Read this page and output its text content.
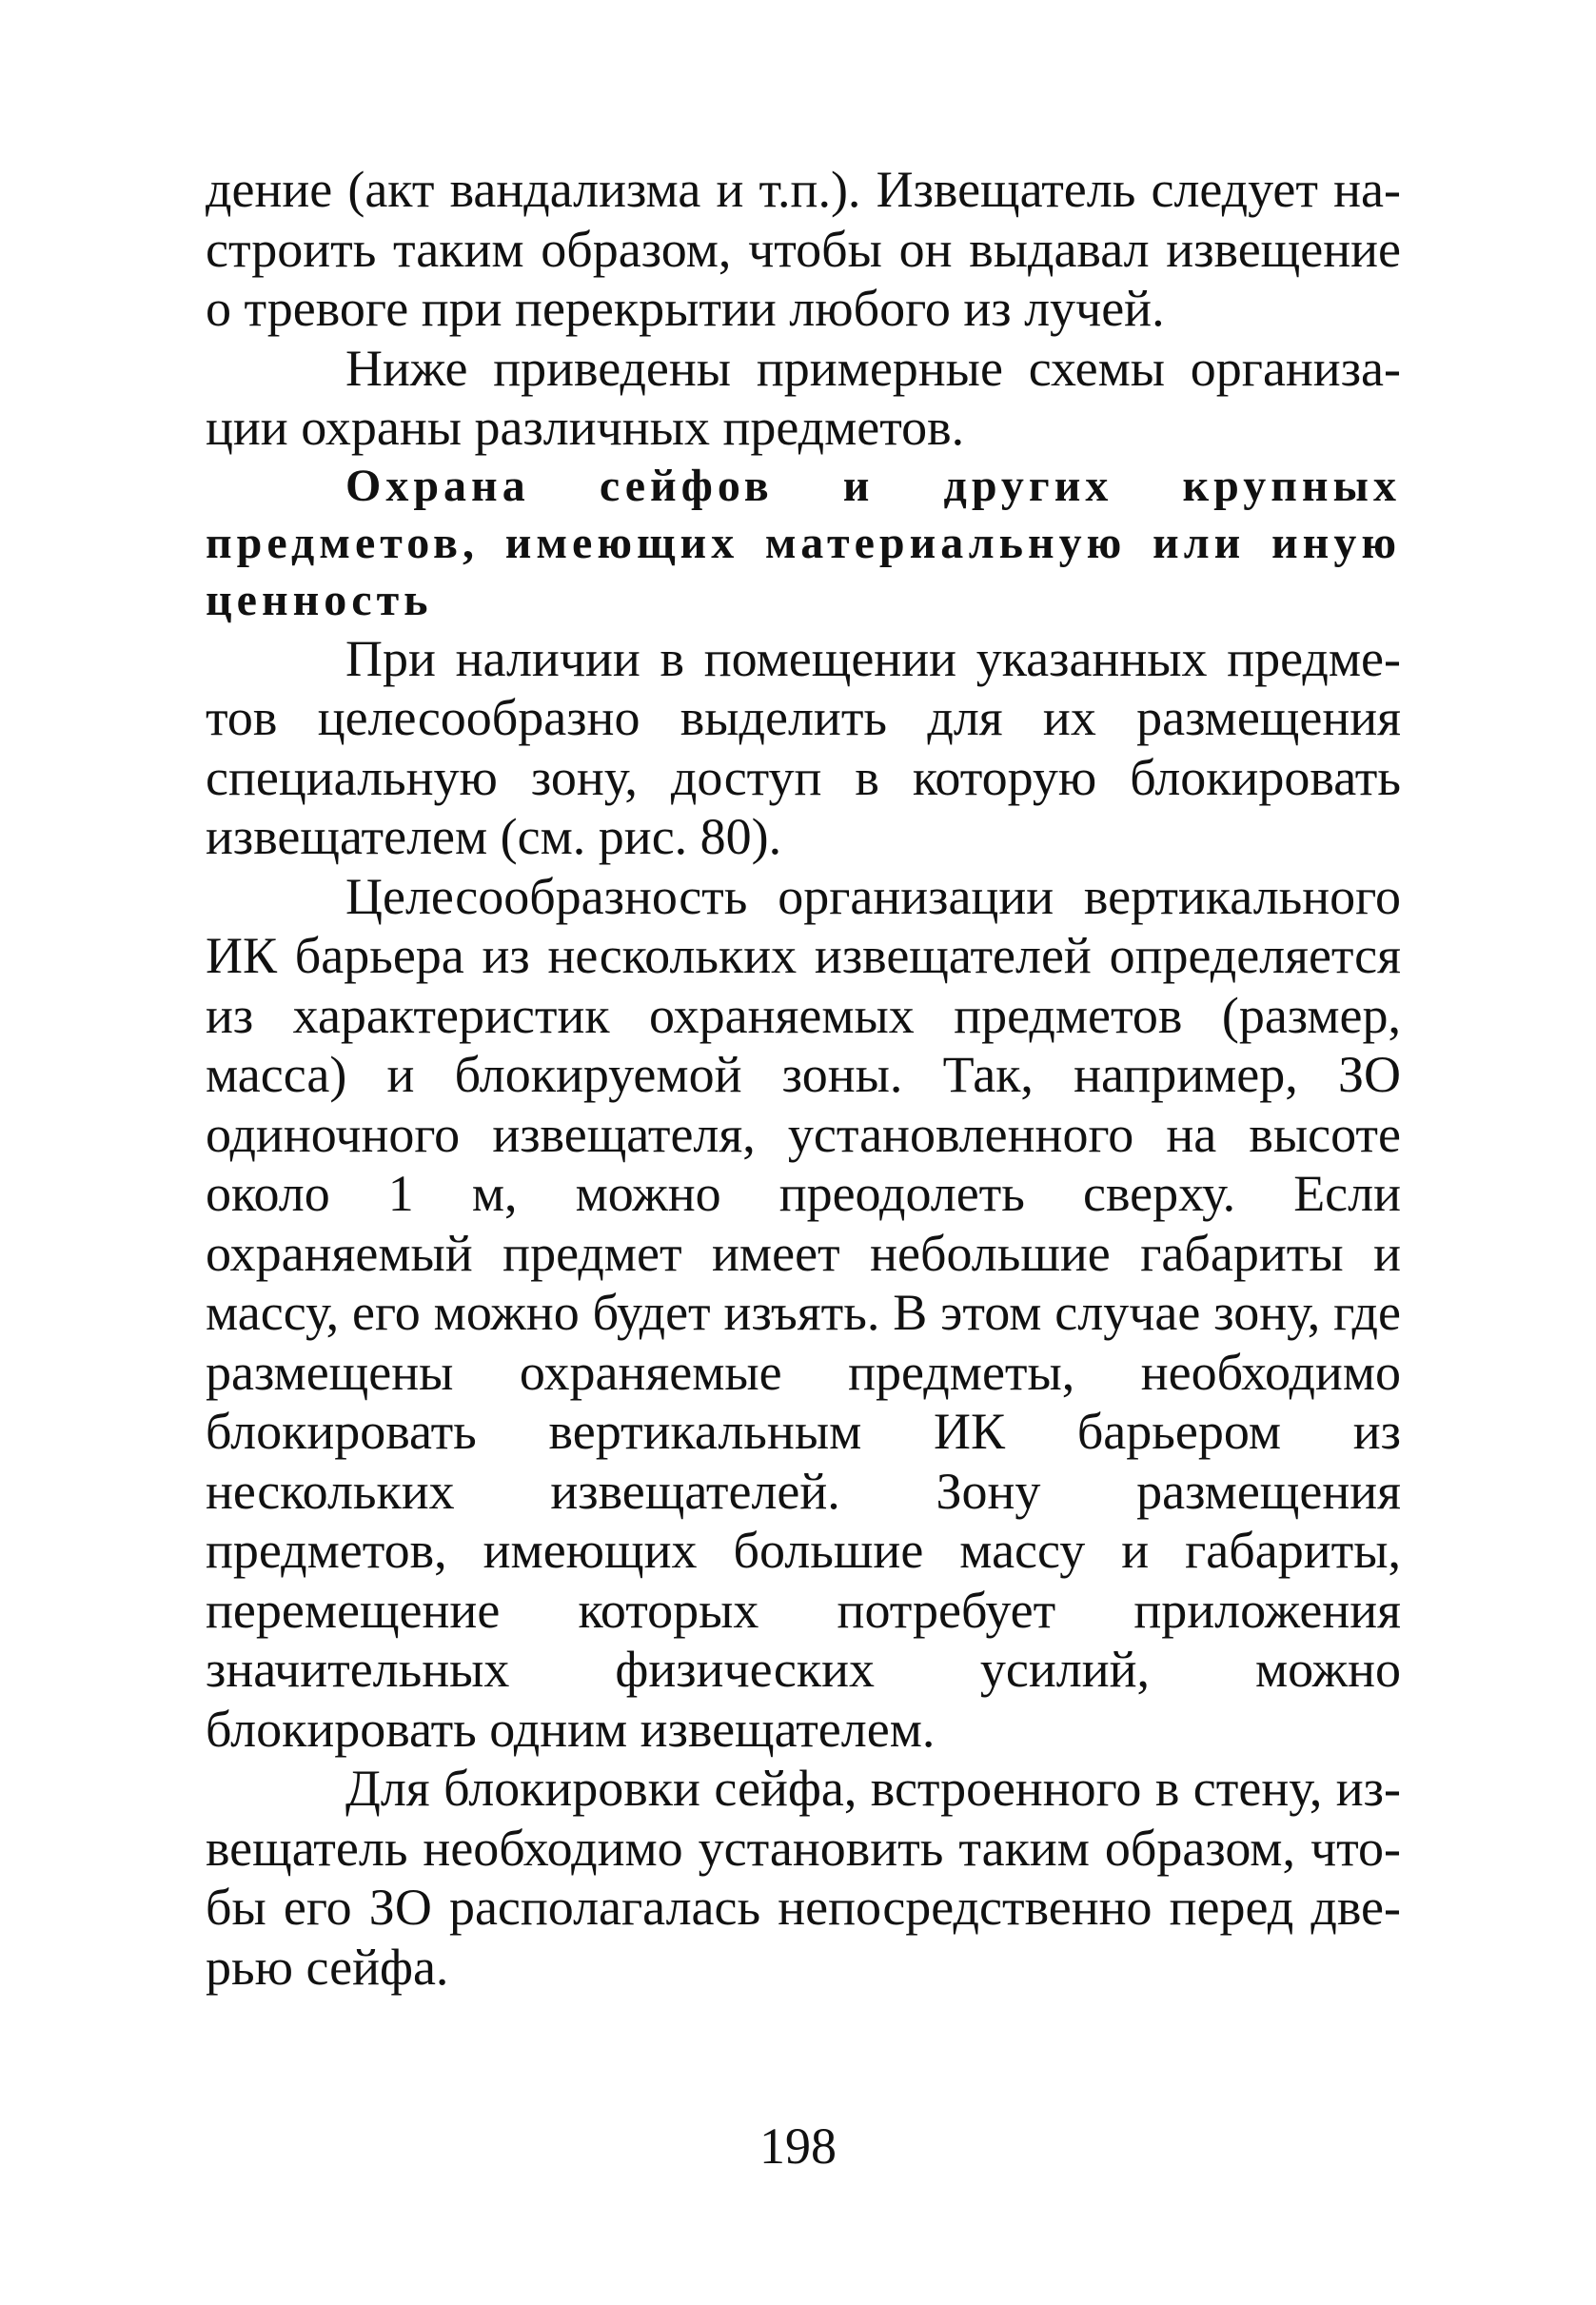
дение (акт вандализма и т.п.). Извещатель следует настроить таким образом, чтобы он выдавал извещение о тревоге при перекрытии любого из лучей.

Ниже приведены примерные схемы организации охраны различных предметов.

Охрана сейфов и других крупных предметов, имеющих материальную или иную ценность

При наличии в помещении указанных предметов целесообразно выделить для их размещения специальную зону, доступ в которую блокировать извещателем (см. рис. 80).

Целесообразность организации вертикального ИК барьера из нескольких извещателей определяется из характеристик охраняемых предметов (размер, масса) и блокируемой зоны. Так, например, ЗО одиночного извещателя, установленного на высоте около 1 м, можно преодолеть сверху. Если охраняемый предмет имеет небольшие габариты и массу, его можно будет изъять. В этом случае зону, где размещены охраняемые предметы, необходимо блокировать вертикальным ИК барьером из нескольких извещателей. Зону размещения предметов, имеющих большие массу и габариты, перемещение которых потребует приложения значительных физических усилий, можно блокировать одним извещателем.

Для блокировки сейфа, встроенного в стену, извещатель необходимо установить таким образом, чтобы его ЗО располагалась непосредственно перед дверью сейфа.

198
